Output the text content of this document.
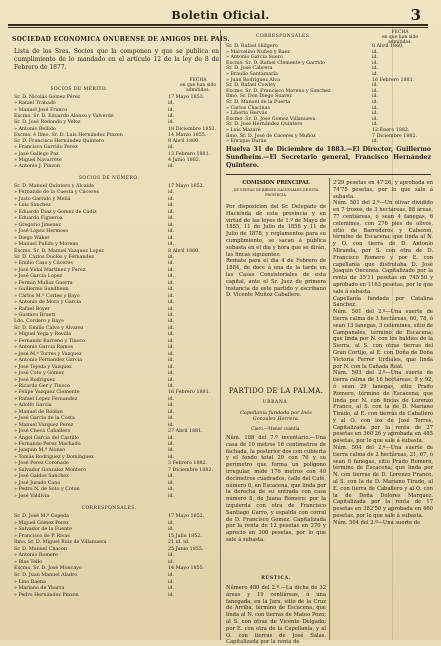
Boletin Oficial.	3
SOCIEDAD ECONOMICA ONUBENSE DE AMIGOS DEL PAIS.
Lista de los Sres. Socios que la componen y que se publica en cumplimiento de lo mandado en el artículo 12 de la ley de 8 de Febrero de 1877.
FECHA
en que han sido admitidos.
SOCIOS DE MÉRITO.
Sr. D. Nicolás Gómez Pérez	17 Mayo 1853.
» Rafael Trabado	id.
» Manuel José Franco	id.
Excmo. Sr. D. Eduardo Alonso y Valverde	id.
Sr. D. José Redondo y Velez	id.
» Antonio Bellido	18 Diciembre 1852.
Excmo. é Ilmo. Sr. D. Luis Hernández Pinzon	14 Marzo 1855.
Sr. D. Francisco Hernández Quintero	8 Abril 1860.
» Francisco Garrido Perez	id.
» José Gallego Paz	13 Febrero 1881.
» Miguel Navarrete	4 Junio 1882.
» Antonio J. Pinzon	id.
SOCIOS DE NÚMERO.
Sr. D. Manuel Quintero y Alcaide	17 Mayo 1852.
» Fernando de la Cuesta y Cáceres	id.
» Justo Garrido y Meliá	id.
» Luis Sanchez	id.
» Eduardo Diaz y Gomez de Cádiz	id.
» Eduardo Figueroa	id.
» Gregorio Jimenez	id.
» José Lopez Hermoso	id.
» Diego Wáker	id.
» Manuel Pulido y Moreno	id.
Excmo. Sr. D. Manuel Vazquez Lopez	8 Abril 1860.
Sr. D. Carlos Duclós y Fernandez	id.
» Emilio Caso y Cáceres	id.
» José Vidal Martinez y Perez	id.
» José Garcia Lopez	id.
» Fermin Muñoz Guerra	id.
» Guillermo Sundheim	id.
» Cárlos M.ª Cortes y Bayo	id.
» Antonio de Mora y Garcia	id.
» Rafael Boyer	id.
» Gustavo Bruett	id.
Ldo. Cordero y Bayo	id.
Sr. D. Emilio Calvo y Álvarez	id.
» Miguel Vega y Revilla	id.
» Fernando Barreno y Tinoco	id.
» Antonio Garcia Ramos	id.
» José M.ª Torres y Vazquez	id.
» Antonio Fernandez Garcia	id.
» José Tejeda y Vazquez	id.
» José Coto y Gómez	id.
» José Rodriguez	id.
» Ricardo Ger y Tinoco	id.
» Felipe Vazquez Clemente	16 Febrero 1881.
» Rafael Lopez Fernandez	id.
» Adolfo Garcia	id.
» Manuel de Roldan	id.
» José Garcia de la Costa	id.
» Manuel Vazquez Perez	id.
» José Checa Caballero	27 Abril 1881.
» Ángel Garcia del Castillo	id.
» Fernando Perez Machado	id.
» Joaquin M.ª Alonso	id.
» Tomás Rodriguez y Domínguez	id.
» José Perez Coronado	3 Febrero 1882.
» Salvador Gonzalez Montero	7 Diciembre 1882.
» José Galdos Sanchez	id.
» José Jurado Cano	id.
» Pedro N. de Soto y Coton	id.
» José Valdivia	id.
CORRESPONSALES.
Sr. D. José M.ª Cepeda	17 Mayo 1852.
» Miguel Gómez Perez	id.
» Salvador de la Fuente	id.
» Francisco de P. Rivas	15 Julio 1852.
Ilmo. Sr. D. Miguel Ruiz de Villanueva	21 id. id.
Sr. D. Manuel Chacon	25 Junio 1855.
» Antonio Romero	id.
» Blas Tello	id.
Excmo. Sr. D. José Moncayo	14 Mayo 1855.
Sr. D. Juan Manuel Aladro	id.
» Lino Baena	id.
» Mariano de Ybarra	id.
» Pedro Hernández Pinzon	id.
CORRESPONSALES.
FECHA
en que han sido admitidos.
Sr. D. Rafael Hidgero	8 Abril 1860.
» Marcelino Nuñez y Baez	id.
» Antonio Garcia Suero	id.
Excmo. Sr. D. Rafael Clemente y Garrido	id.
Sr. D. José Cabrera	id.
» Braulio Santamaría	id.
» Juan Rodriguez Alva	16 Febrero 1881.
Sr. D. Rafael Cowley	id.
Excmo. Sr. D. Francisco Moreno y Sanchez	id.
Ilmo. Sr. Don Diego Suarez	id.
Sr. D. Manuel de la Puerta	id.
» Carlos Chacinas	id.
» Liberto Hervás	id.
Excmo. Sr. D. José Gomez Villanueva	id.
Sr. D. José Hernández Quintero	id.
» Luis Mazaré	12 Enero 1882.
Ilmo. Sr. D. José de Cáceres y Muñoz	7 Diciembre 1882.
» Enrique Durán	id.
Huelva 31 de Diciembre de 1883.—El Director, Guillermo Sundheim.—El Secretario general, Francisco Hernández Quintero.
COMISION PRINCIPAL
DE VENTAS DE BIENES NACIONALES DE ESTA PROVINCIA.
Por disposicion del Sr. Delegado de Hacienda de esta provincia y en virtud de las leyes de 1.º de Mayo de 1855, 11 de Julio de 1856 y 11 de Julio de 1878, y reglamentos para su cumplimiento, se sacan á pública subasta en el dia y hora que se dirán, las fincas siguientes:
Remate para el dia 4 de Febrero de 1884, de doce á una de la tarde en las Casas Consistoriales de esta capital, ante el Sr. Juez de primera instancia de este partido y escribano D. Vicente Muñoz Caballero.
PARTIDO DE LA PALMA.
URBANA.
Capellanía fundada por Inés Gonzalez Herrera.
Clero.—Menor cuantía.
Núm. 188 del 7.º inventario.—Una casa de 10 metros 16 centímetros de fachada, la posterior dos con cubierta y el fondo total 29 con 76 y su perímetro que forma un polígono irregular, mide 176 metros con 40 decímetros cuadrados, calle del Café, número 6, en Escacena, que linda por la derecha de su entrada con casa número 8, de Juana Romero; por la izquierda con otra de Francisco Santiago Carro, y espalda con corral de D. Francisco Gomez. Capitalizada por la renta de 12 pesetas en 270 y aprecio en 300 pesetas, por lo que sale á subasta.
RÚSTICA.
Número 480 del 2.º.—La dicha de 32 áreas y 19 centiáreas, ó una fanegada, en la Jara, sitio de la Cruz de Arriba, término de Escacena, que linda al N. con tierras de Mateo Pozo; al S. con otras de Vicente Delgado; por E. con otra de la Capellanía, y al O. con tierras de José Salas. Capitalizada por la renta de
2'29 pesetas en 47'26, y aprobada en 74'75 pesetas, por lo que sale á subasta.
Núm. 501 del 2.º—Un olivar dividido en 7 trozos, de 3 hectáreas, 88 áreas, 77 centiáreas, ó sean 4 fanegas, 6 celemines, con 276 pies de olivos, sitio de Barrederos y Cabezon, término de Escacena; que linda al N. y O. con tierra de D. Antonio Miranda, por S. con otra de D. Francisco Romero y por E. con capellanía que disfrutaba D. José Joaquin Oncenea. Capitalizado por la renta de 35'11 pesetas en 745'50 y aprobado en 1163 pesetas, por lo que sale á subasta.
Capellanía fundada por Catalina Sanchez.
Núm. 501 del 2.º—Una suerte de tierra calma de 3 hectáreas, 60, 78, ó sean 13 fanegas, 3 celemines, sitio de Campanales, término de Escacena; que linda por N. con los baldíos de la Sierra, al S. con otras tierras del Gran Cortijo, al E. con Doña de Doña Victoria Ferrer Urdiales, que linda por N. con la Cañada Real.
Núm. 503 del 2.º—Una suerte de tierra calma de 16 hectáreas, 9 y 92, ó sean 29 fanegas, sitio Prado Romero, término de Escacena; que linda por N. con fincas de Lorenzo Franco, al S. con la de D. Mariano Tirado, al E. con tierras de Caballero y al O. con los de José Torres, Capitalizada por la renta de 27 pesetas en 360'26 y aprobada en 485 pesetas, por lo que sale á subasta.
Núm. 504 del 2.º—Una suerte de tierra calma de 2 hectáreas, 21, 67, ó sean 6 fanegas, sitio Prado Romero, término de Escacena; que linda por N. con tierras de D. Lorenzo Franco, al S. con la de D. Mariano Tirado, al E. con tierra de Caballero y al O. con la de Doña Dolores Marquez. Capitalizada por la renta de 17 pesetas en 382'50 y aprobada en 460 pesetas, por lo que sale á subasta.
Núm. 504 del 2.º—Una suerte de
